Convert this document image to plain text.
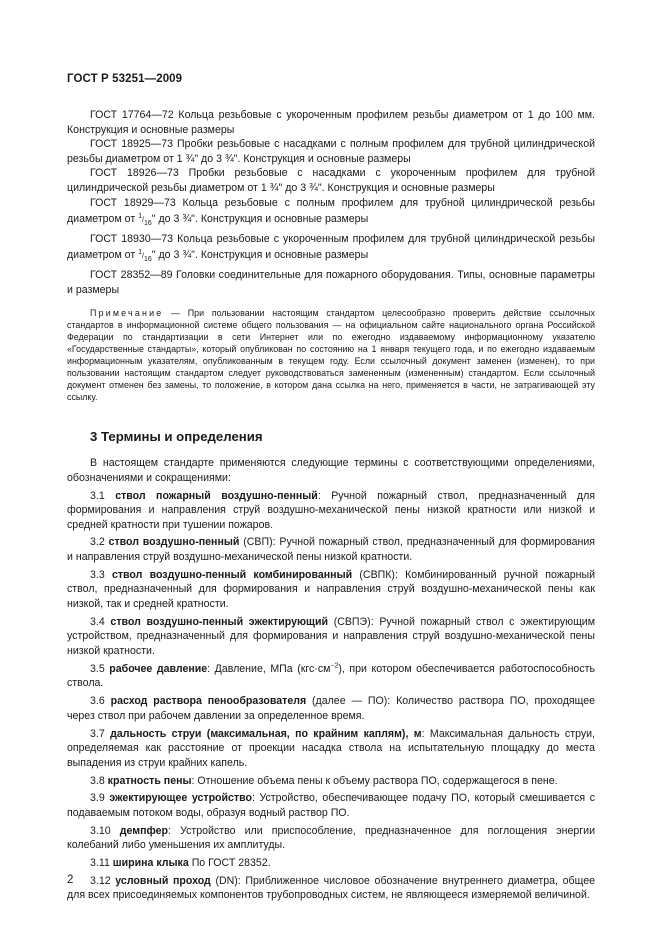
ГОСТ Р 53251—2009

ГОСТ 17764—72 Кольца резьбовые с укороченным профилем резьбы диаметром от 1 до 100 мм. Конструкция и основные размеры

ГОСТ 18925—73 Пробки резьбовые с насадками с полным профилем для трубной цилиндрической резьбы диаметром от 1 ¾" до 3 ¾". Конструкция и основные размеры

ГОСТ 18926—73 Пробки резьбовые с насадками с укороченным профилем для трубной цилиндрической резьбы диаметром от 1 ¾" до 3 ¾". Конструкция и основные размеры

ГОСТ 18929—73 Кольца резьбовые с полным профилем для трубной цилиндрической резьбы диаметром от 1/16" до 3 ¾". Конструкция и основные размеры

ГОСТ 18930—73 Кольца резьбовые с укороченным профилем для трубной цилиндрической резьбы диаметром от 1/16" до 3 ¾". Конструкция и основные размеры

ГОСТ 28352—89 Головки соединительные для пожарного оборудования. Типы, основные параметры и размеры

Примечание — При пользовании настоящим стандартом целесообразно проверить действие ссылочных стандартов в информационной системе общего пользования — на официальном сайте национального органа Российской Федерации по стандартизации в сети Интернет или по ежегодно издаваемому информационному указателю «Государственные стандарты», который опубликован по состоянию на 1 января текущего года, и по ежегодно издаваемым информационным указателям, опубликованным в текущем году. Если ссылочный документ заменен (изменен), то при пользовании настоящим стандартом следует руководствоваться замененным (измененным) стандартом. Если ссылочный документ отменен без замены, то положение, в котором дана ссылка на него, применяется в части, не затрагивающей эту ссылку.

3 Термины и определения

В настоящем стандарте применяются следующие термины с соответствующими определениями, обозначениями и сокращениями:

3.1 ствол пожарный воздушно-пенный: Ручной пожарный ствол, предназначенный для формирования и направления струй воздушно-механической пены низкой кратности или низкой и средней кратности при тушении пожаров.

3.2 ствол воздушно-пенный (СВП): Ручной пожарный ствол, предназначенный для формирования и направления струй воздушно-механической пены низкой кратности.

3.3 ствол воздушно-пенный комбинированный (СВПК): Комбинированный ручной пожарный ствол, предназначенный для формирования и направления струй воздушно-механической пены как низкой, так и средней кратности.

3.4 ствол воздушно-пенный эжектирующий (СВПЭ): Ручной пожарный ствол с эжектирующим устройством, предназначенный для формирования и направления струй воздушно-механической пены низкой кратности.

3.5 рабочее давление: Давление, МПа $(кгс\cdot см^{-2})$, при котором обеспечивается работоспособность ствола.

3.6 расход раствора пенообразователя (далее — ПО): Количество раствора ПО, проходящее через ствол при рабочем давлении за определенное время.

3.7 дальность струи (максимальная, по крайним каплям), м: Максимальная дальность струи, определяемая как расстояние от проекции насадка ствола на испытательную площадку до места выпадения из струи крайних капель.

3.8 кратность пены: Отношение объема пены к объему раствора ПО, содержащегося в пене.

3.9 эжектирующее устройство: Устройство, обеспечивающее подачу ПО, который смешивается с подаваемым потоком воды, образуя водный раствор ПО.

3.10 демпфер: Устройство или приспособление, предназначенное для поглощения энергии колебаний либо уменьшения их амплитуды.

3.11 ширина клыка По ГОСТ 28352.

3.12 условный проход (DN): Приближенное числовое обозначение внутреннего диаметра, общее для всех присоединяемых компонентов трубопроводных систем, не являющееся измеряемой величиной.

2
